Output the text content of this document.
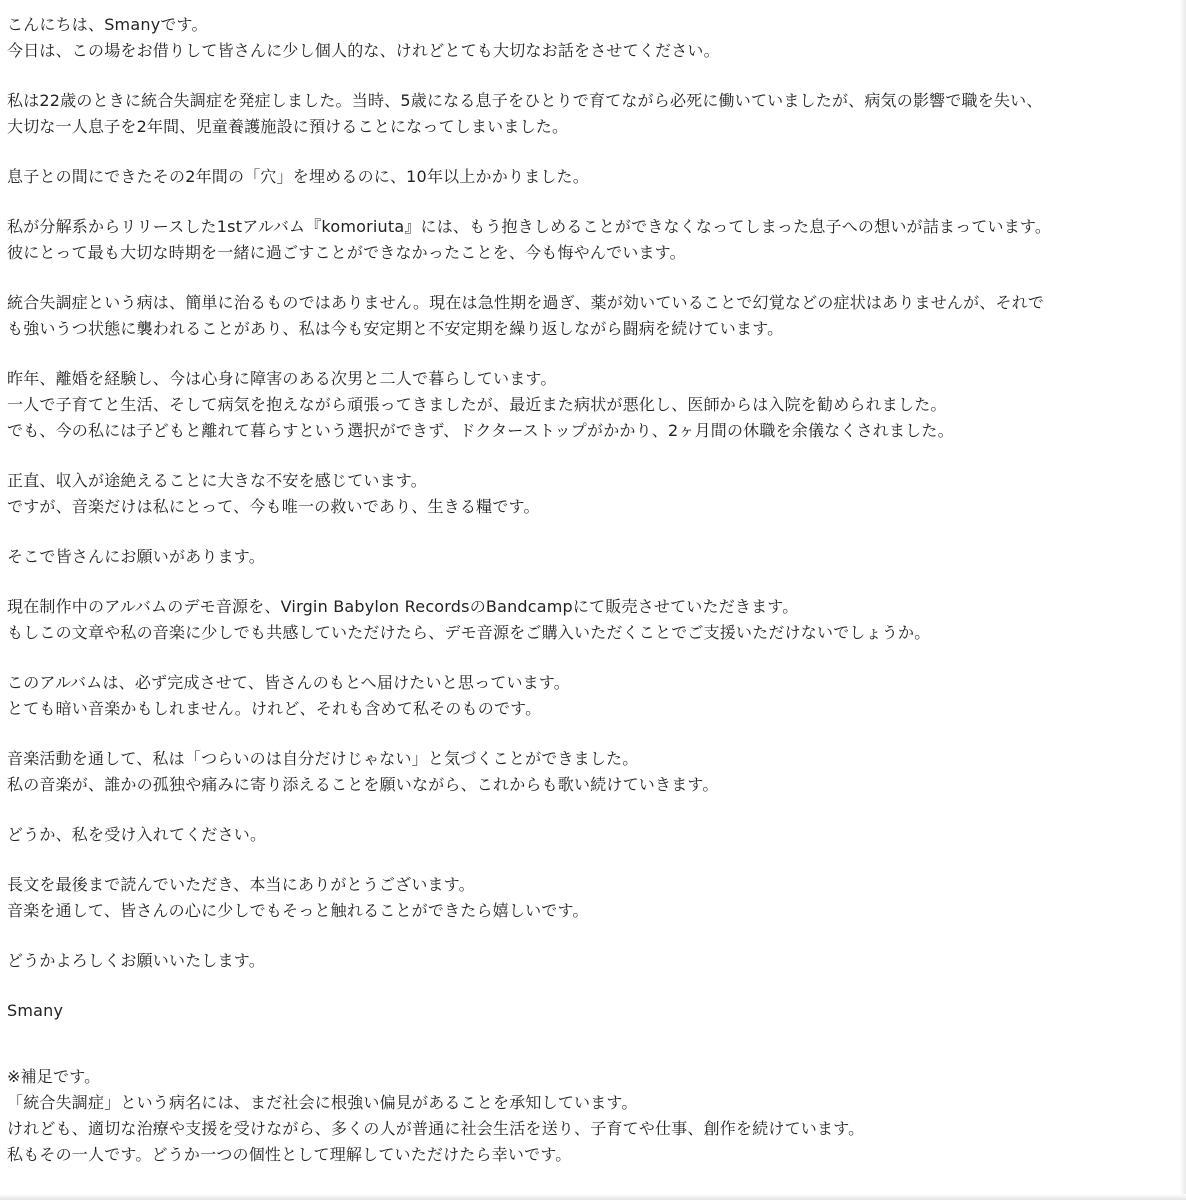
こんにちは、Smanyです。
今日は、この場をお借りして皆さんに少し個人的な、けれどとても大切なお話をさせてください。
私は22歳のときに統合失調症を発症しました。当時、5歳になる息子をひとりで育てながら必死に働いていましたが、病気の影響で職を失い、
大切な一人息子を2年間、児童養護施設に預けることになってしまいました。
息子との間にできたその2年間の「穴」を埋めるのに、10年以上かかりました。
私が分解系からリリースした1stアルバム『komoriuta』には、もう抱きしめることができなくなってしまった息子への想いが詰まっています。
彼にとって最も大切な時期を一緒に過ごすことができなかったことを、今も悔やんでいます。
統合失調症という病は、簡単に治るものではありません。現在は急性期を過ぎ、薬が効いていることで幻覚などの症状はありませんが、それで
も強いうつ状態に襲われることがあり、私は今も安定期と不安定期を繰り返しながら闘病を続けています。
昨年、離婚を経験し、今は心身に障害のある次男と二人で暮らしています。
一人で子育てと生活、そして病気を抱えながら頑張ってきましたが、最近また病状が悪化し、医師からは入院を勧められました。
でも、今の私には子どもと離れて暮らすという選択ができず、ドクターストップがかかり、2ヶ月間の休職を余儀なくされました。
正直、収入が途絶えることに大きな不安を感じています。
ですが、音楽だけは私にとって、今も唯一の救いであり、生きる糧です。
そこで皆さんにお願いがあります。
現在制作中のアルバムのデモ音源を、Virgin Babylon RecordsのBandcampにて販売させていただきます。
もしこの文章や私の音楽に少しでも共感していただけたら、デモ音源をご購入いただくことでご支援いただけないでしょうか。
このアルバムは、必ず完成させて、皆さんのもとへ届けたいと思っています。
とても暗い音楽かもしれません。けれど、それも含めて私そのものです。
音楽活動を通して、私は「つらいのは自分だけじゃない」と気づくことができました。
私の音楽が、誰かの孤独や痛みに寄り添えることを願いながら、これからも歌い続けていきます。
どうか、私を受け入れてください。
長文を最後まで読んでいただき、本当にありがとうございます。
音楽を通して、皆さんの心に少しでもそっと触れることができたら嬉しいです。
どうかよろしくお願いいたします。
Smany
※補足です。
「統合失調症」という病名には、まだ社会に根強い偏見があることを承知しています。
けれども、適切な治療や支援を受けながら、多くの人が普通に社会生活を送り、子育てや仕事、創作を続けています。
私もその一人です。どうか一つの個性として理解していただけたら幸いです。
